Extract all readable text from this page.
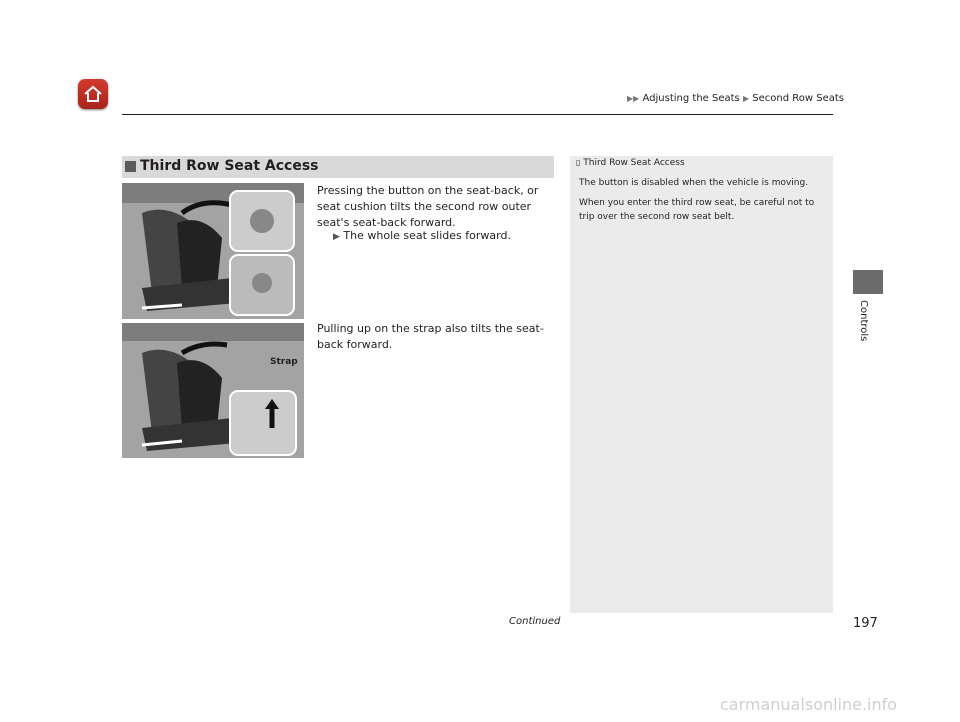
▶▶ Adjusting the Seats ▶ Second Row Seats
Controls
Third Row Seat Access
Strap
Pressing the button on the seat-back, or seat cushion tilts the second row outer seat's seat-back forward.
▶ The whole seat slides forward.
Pulling up on the strap also tilts the seat-back forward.
▯ Third Row Seat Access
The button is disabled when the vehicle is moving.
When you enter the third row seat, be careful not to trip over the second row seat belt.
Continued	197
carmanualsonline.info
